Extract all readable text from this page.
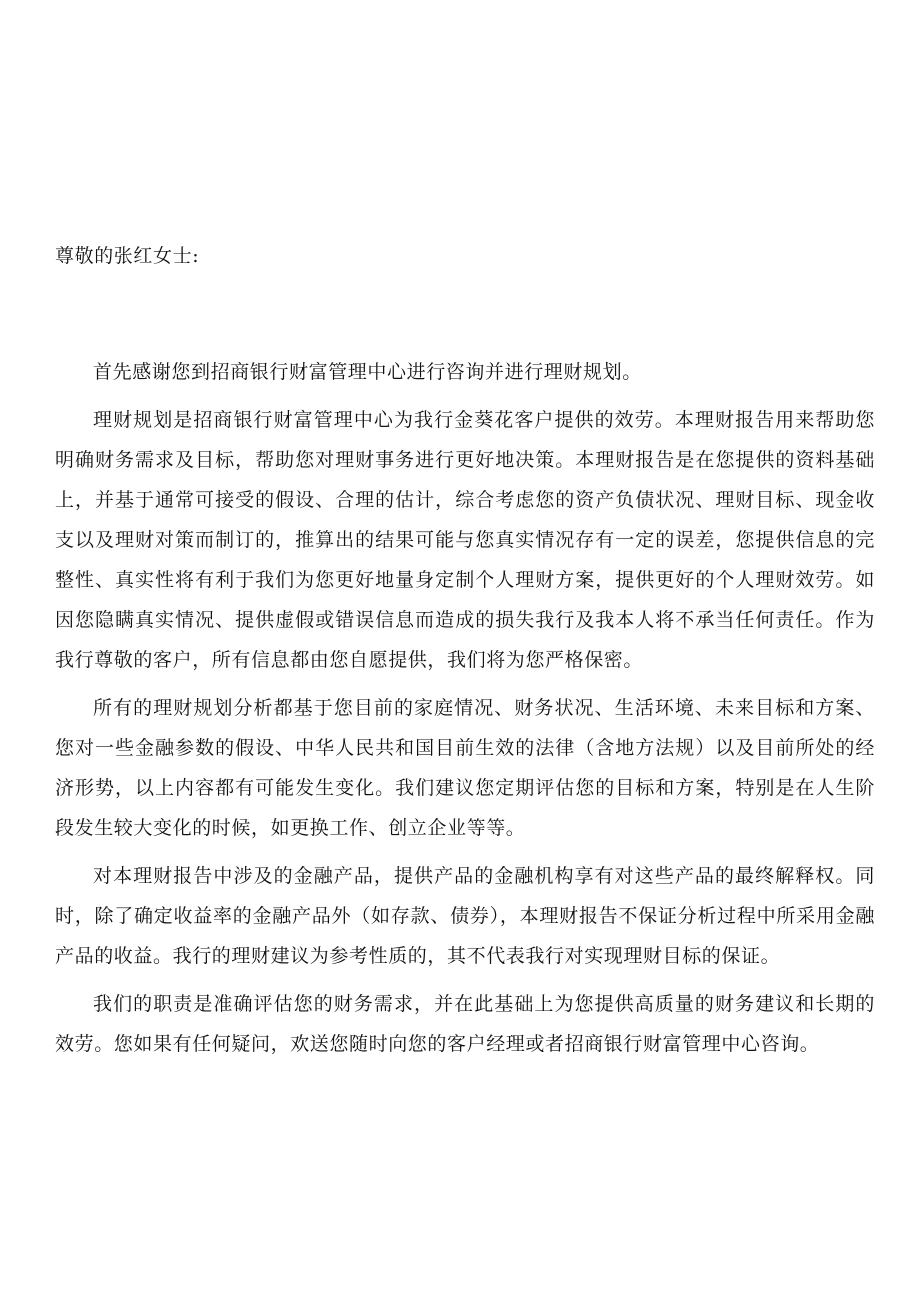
尊敬的张红女士:

首先感谢您到招商银行财富管理中心进行咨询并进行理财规划。

理财规划是招商银行财富管理中心为我行金葵花客户提供的效劳。本理财报告用来帮助您明确财务需求及目标，帮助您对理财事务进行更好地决策。本理财报告是在您提供的资料基础上，并基于通常可接受的假设、合理的估计，综合考虑您的资产负债状况、理财目标、现金收支以及理财对策而制订的，推算出的结果可能与您真实情况存有一定的误差，您提供信息的完整性、真实性将有利于我们为您更好地量身定制个人理财方案，提供更好的个人理财效劳。如因您隐瞒真实情况、提供虚假或错误信息而造成的损失我行及我本人将不承当任何责任。作为我行尊敬的客户，所有信息都由您自愿提供，我们将为您严格保密。

所有的理财规划分析都基于您目前的家庭情况、财务状况、生活环境、未来目标和方案、您对一些金融参数的假设、中华人民共和国目前生效的法律（含地方法规）以及目前所处的经济形势，以上内容都有可能发生变化。我们建议您定期评估您的目标和方案，特别是在人生阶段发生较大变化的时候，如更换工作、创立企业等等。

对本理财报告中涉及的金融产品，提供产品的金融机构享有对这些产品的最终解释权。同时，除了确定收益率的金融产品外（如存款、债券），本理财报告不保证分析过程中所采用金融产品的收益。我行的理财建议为参考性质的，其不代表我行对实现理财目标的保证。

我们的职责是准确评估您的财务需求，并在此基础上为您提供高质量的财务建议和长期的效劳。您如果有任何疑问，欢送您随时向您的客户经理或者招商银行财富管理中心咨询。
